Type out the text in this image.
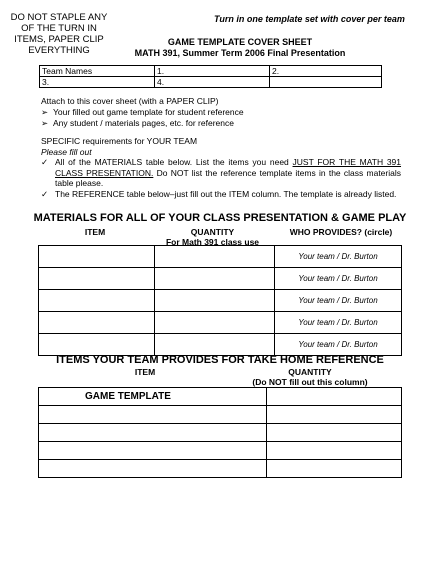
DO NOT STAPLE ANY
OF THE TURN IN
ITEMS, PAPER CLIP
EVERYTHING
Turn in one template set with cover per team
GAME TEMPLATE COVER SHEET
MATH 391, Summer Term 2006 Final Presentation
Team Names	1.	2.
3.	4.	
Attach to this cover sheet (with a PAPER CLIP)
➢ Your filled out game template for student reference
➢ Any student / materials pages, etc. for reference
SPECIFIC requirements for YOUR TEAM
Please fill out
✓ All of the MATERIALS table below. List the items you need JUST FOR THE MATH 391 CLASS PRESENTATION. Do NOT list the reference template items in the class materials table please.
✓ The REFERENCE table below–just fill out the ITEM column. The template is already listed.
MATERIALS FOR ALL OF YOUR CLASS PRESENTATION & GAME PLAY
ITEM	QUANTITY
For Math 391 class use
WHO PROVIDES? (circle)
		Your team / Dr. Burton
		Your team / Dr. Burton
		Your team / Dr. Burton
		Your team / Dr. Burton
		Your team / Dr. Burton
ITEMS YOUR TEAM PROVIDES FOR TAKE HOME REFERENCE
ITEM	QUANTITY
(Do NOT fill out this column)
GAME TEMPLATE	
